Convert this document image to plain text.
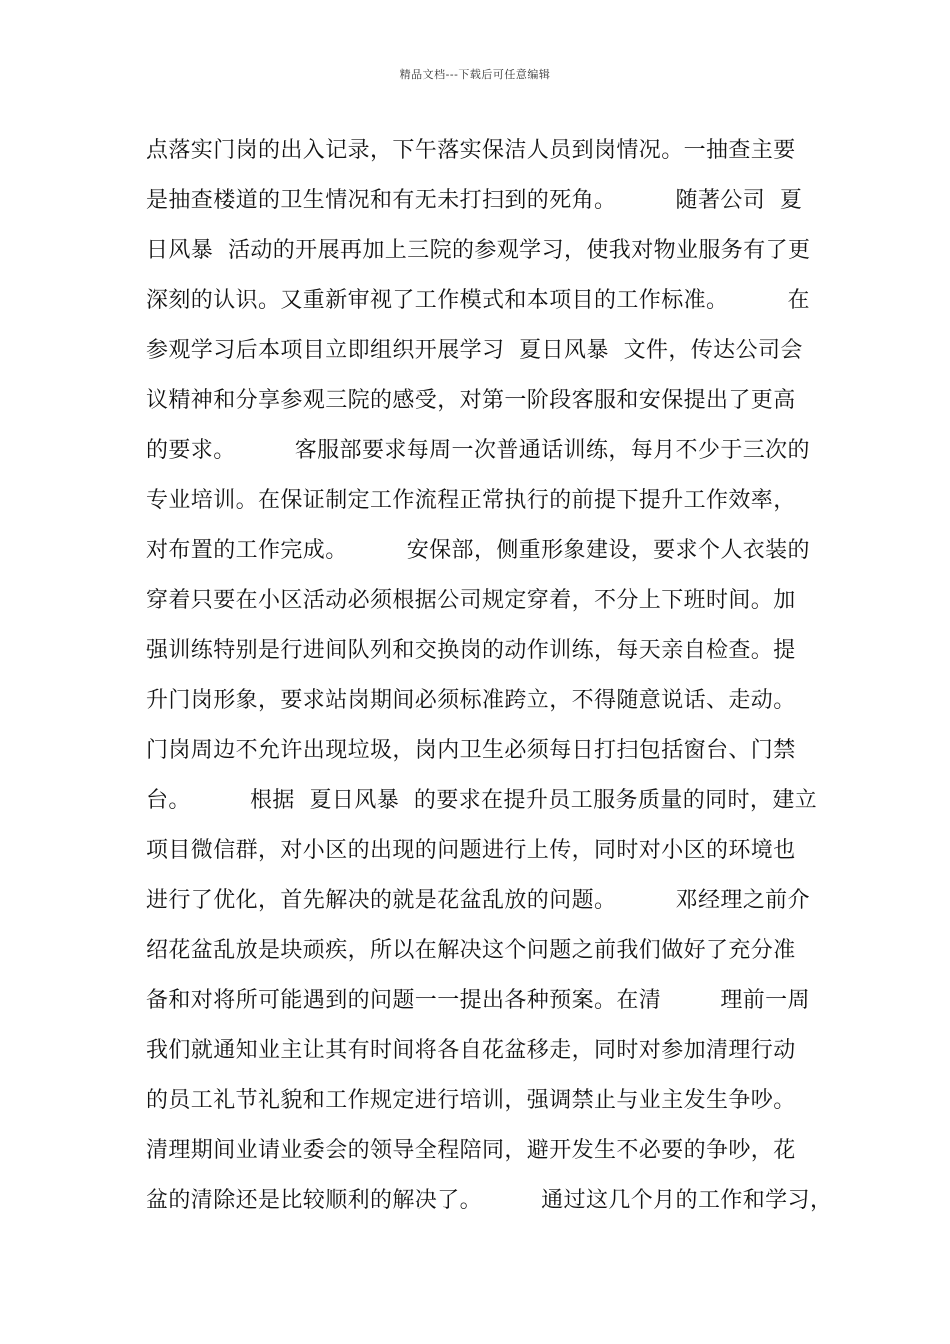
精品文档---下载后可任意编辑
点落实门岗的出入记录，下午落实保洁人员到岗情况。一抽查主要
是抽查楼道的卫生情况和有无未打扫到的死角。        随著公司  夏
日风暴  活动的开展再加上三院的参观学习，使我对物业服务有了更
深刻的认识。又重新审视了工作模式和本项目的工作标准。        在
参观学习后本项目立即组织开展学习  夏日风暴  文件，传达公司会
议精神和分享参观三院的感受，对第一阶段客服和安保提出了更高
的要求。        客服部要求每周一次普通话训练，每月不少于三次的
专业培训。在保证制定工作流程正常执行的前提下提升工作效率，
对布置的工作完成。        安保部，侧重形象建设，要求个人衣装的
穿着只要在小区活动必须根据公司规定穿着，不分上下班时间。加
强训练特别是行进间队列和交换岗的动作训练，每天亲自检查。提
升门岗形象，要求站岗期间必须标准跨立，不得随意说话、走动。
门岗周边不允许出现垃圾，岗内卫生必须每日打扫包括窗台、门禁
台。        根据  夏日风暴  的要求在提升员工服务质量的同时，建立
项目微信群，对小区的出现的问题进行上传，同时对小区的环境也
进行了优化，首先解决的就是花盆乱放的问题。        邓经理之前介
绍花盆乱放是块顽疾，所以在解决这个问题之前我们做好了充分准
备和对将所可能遇到的问题一一提出各种预案。在清        理前一周
我们就通知业主让其有时间将各自花盆移走，同时对参加清理行动
的员工礼节礼貌和工作规定进行培训，强调禁止与业主发生争吵。
清理期间业请业委会的领导全程陪同，避开发生不必要的争吵，花
盆的清除还是比较顺利的解决了。        通过这几个月的工作和学习，
